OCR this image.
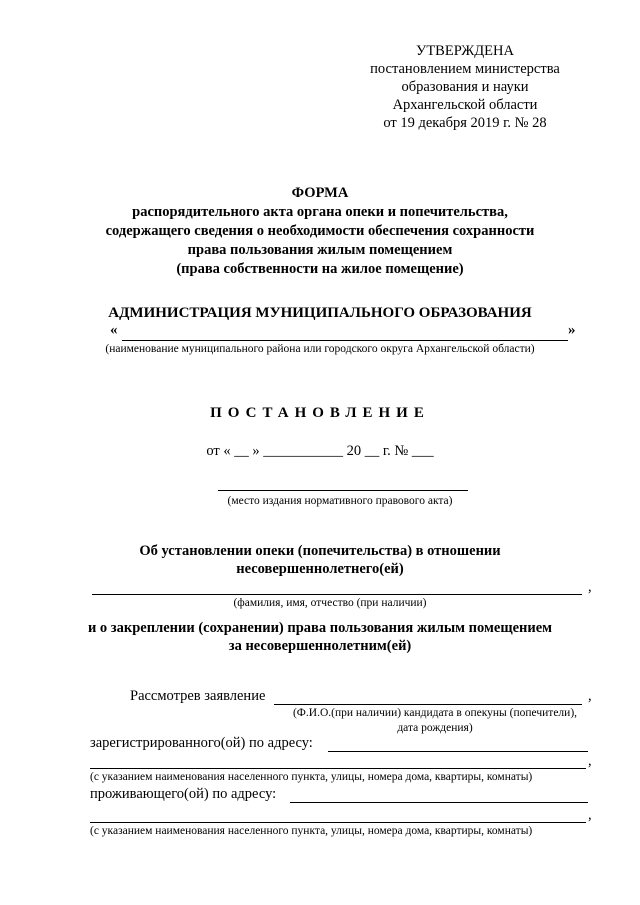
УТВЕРЖДЕНА
постановлением министерства
образования и науки
Архангельской области
от 19 декабря 2019 г. № 28
ФОРМА
распорядительного акта органа опеки и попечительства,
содержащего сведения о необходимости обеспечения сохранности
права пользования жилым помещением
(права собственности на жилое помещение)
АДМИНИСТРАЦИЯ МУНИЦИПАЛЬНОГО ОБРАЗОВАНИЯ
«	»
(наименование муниципального района или городского округа Архангельской области)
ПОСТАНОВЛЕНИЕ
от « __ » ___________ 20 __ г. № ___
(место издания нормативного правового акта)
Об установлении опеки (попечительства) в отношении
несовершеннолетнего(ей)
,
(фамилия, имя, отчество (при наличии)
и о закреплении (сохранении) права пользования жилым помещением
за несовершеннолетним(ей)
Рассмотрев заявление	,
(Ф.И.О.(при наличии) кандидата в опекуны (попечители),
дата рождения)
зарегистрированного(ой) по адресу:
,
(с указанием наименования населенного пункта, улицы, номера дома, квартиры, комнаты)
проживающего(ой) по адресу:
,
(с указанием наименования населенного пункта, улицы, номера дома, квартиры, комнаты)
